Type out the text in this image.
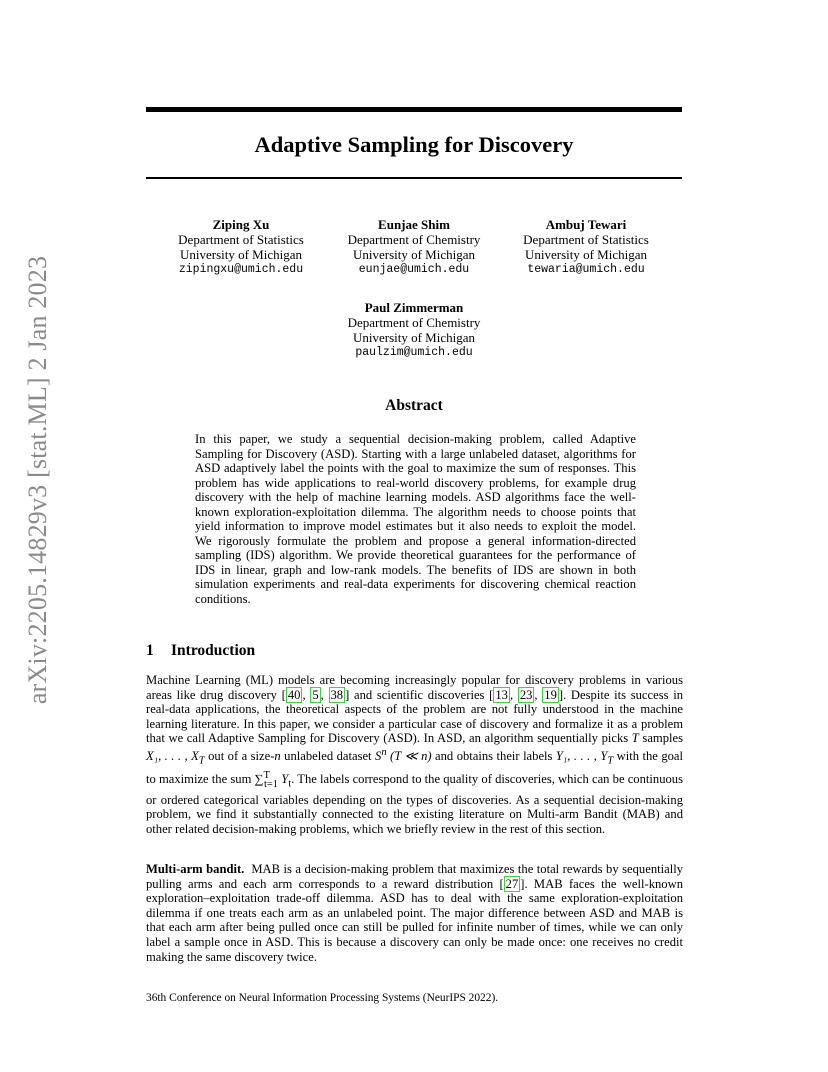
arXiv:2205.14829v3 [stat.ML] 2 Jan 2023
Adaptive Sampling for Discovery
Ziping Xu
Department of Statistics
University of Michigan
zipingxu@umich.edu
Eunjae Shim
Department of Chemistry
University of Michigan
eunjae@umich.edu
Ambuj Tewari
Department of Statistics
University of Michigan
tewaria@umich.edu
Paul Zimmerman
Department of Chemistry
University of Michigan
paulzim@umich.edu
Abstract

In this paper, we study a sequential decision-making problem, called Adaptive Sampling for Discovery (ASD). Starting with a large unlabeled dataset, algorithms for ASD adaptively label the points with the goal to maximize the sum of responses. This problem has wide applications to real-world discovery problems, for example drug discovery with the help of machine learning models. ASD algorithms face the well-known exploration-exploitation dilemma. The algorithm needs to choose points that yield information to improve model estimates but it also needs to exploit the model. We rigorously formulate the problem and propose a general information-directed sampling (IDS) algorithm. We provide theoretical guarantees for the performance of IDS in linear, graph and low-rank models. The benefits of IDS are shown in both simulation experiments and real-data experiments for discovering chemical reaction conditions.

1 Introduction

Machine Learning (ML) models are becoming increasingly popular for discovery problems in various areas like drug discovery [ 40 , 5 , 38 ] and scientific discoveries [ 13 , 23 , 19 ]. Despite its success in real-data applications, the theoretical aspects of the problem are not fully understood in the machine learning literature. In this paper, we consider a particular case of discovery and formalize it as a problem that we call Adaptive Sampling for Discovery (ASD). In ASD, an algorithm sequentially picks T samples X₁, . . . , $X_T$ out of a size-n unlabeled dataset $S^n$ (T ≪ n) and obtains their labels Y₁, . . . , $Y_T$ with the goal to maximize the sum ∑$^T_{t=1}$ $Y_t$. The labels correspond to the quality of discoveries, which can be continuous or ordered categorical variables depending on the types of discoveries. As a sequential decision-making problem, we find it substantially connected to the existing literature on Multi-arm Bandit (MAB) and other related decision-making problems, which we briefly review in the rest of this section.

Multi-arm bandit. MAB is a decision-making problem that maximizes the total rewards by sequentially pulling arms and each arm corresponds to a reward distribution [ 27 ]. MAB faces the well-known exploration–exploitation trade-off dilemma. ASD has to deal with the same exploration-exploitation dilemma if one treats each arm as an unlabeled point. The major difference between ASD and MAB is that each arm after being pulled once can still be pulled for infinite number of times, while we can only label a sample once in ASD. This is because a discovery can only be made once: one receives no credit making the same discovery twice.

36th Conference on Neural Information Processing Systems (NeurIPS 2022).
